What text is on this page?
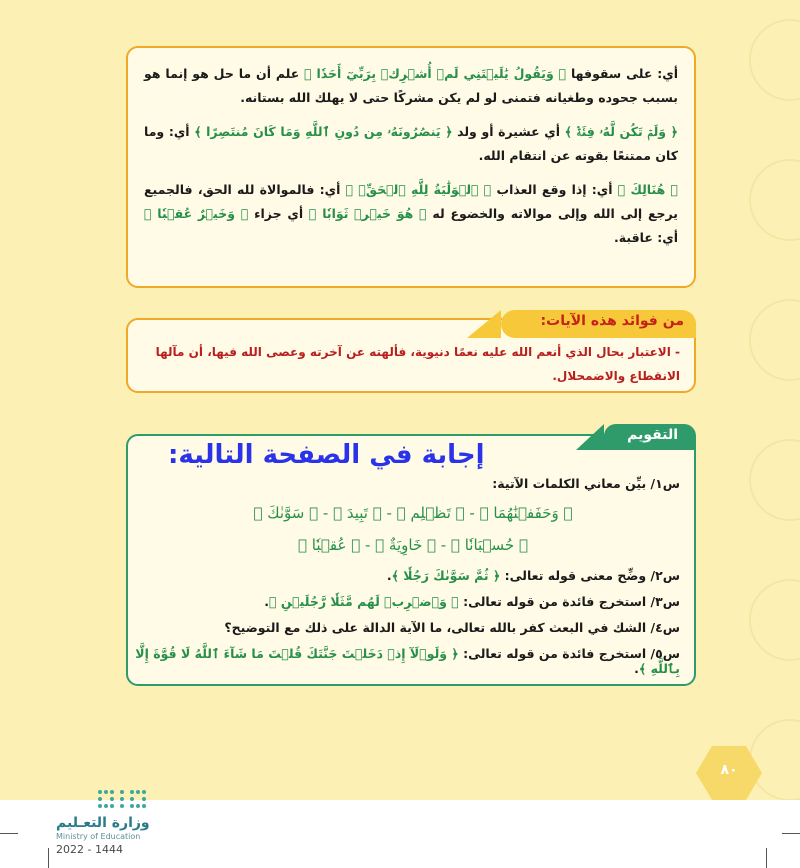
أي: على سقوفها ﴿ وَيَقُولُ يَٰلَيۡتَنِي لَمۡ أُشۡرِكۡ بِرَبِّيٓ أَحَدٗا ﴾ علم أن ما حل هو إنما هو بسبب جحوده وطغيانه فتمنى لو لم يكن مشركًا حتى لا يهلك الله بستانه.

﴿ وَلَمۡ تَكُن لَّهُۥ فِئَةٞ ﴾ أي عشيرة أو ولد ﴿ يَنصُرُونَهُۥ مِن دُونِ ٱللَّهِ وَمَا كَانَ مُنتَصِرًا ﴾ أي: وما كان ممتنعًا بقوته عن انتقام الله.

﴿ هُنَالِكَ ﴾ أي: إذا وقع العذاب ﴿ ٱلۡوَلَٰيَةُ لِلَّهِ ٱلۡحَقِّۚ ﴾ أي: فالموالاة لله الحق، فالجميع يرجع إلى الله وإلى موالاته والخضوع له ﴿ هُوَ خَيۡرٞ ثَوَابٗا ﴾ أي جزاء ﴿ وَخَيۡرٌ عُقۡبٗا ﴾ أي: عاقبة.

من فوائد هذه الآيات:

- الاعتبار بحال الذي أنعم الله عليه نعمًا دنيوية، فألهته عن آخرته وعصى الله فيها، أن مآلها الانقطاع والاضمحلال.

التقويم
إجابة في الصفحة التالية:
س١/ بيِّن معاني الكلمات الآتية:
﴿ وَحَفَفۡنَٰهُمَا ﴾ - ﴿ تَظۡلِم ﴾ - ﴿ تَبِيدَ ﴾ - ﴿ سَوَّىٰكَ ﴾
﴿ حُسۡبَانٗا ﴾ - ﴿ خَاوِيَةٌ ﴾ - ﴿ عُقۡبٗا ﴾
س٢/ وضِّح معنى قوله تعالى: ﴿ ثُمَّ سَوَّىٰكَ رَجُلٗا ﴾.
س٣/ استخرج فائدة من قوله تعالى: ﴿ وَٱضۡرِبۡ لَهُم مَّثَلٗا رَّجُلَيۡنِ ﴾.
س٤/ الشك في البعث كفر بالله تعالى، ما الآية الدالة على ذلك مع التوضيح؟
س٥/ استخرج فائدة من قوله تعالى: ﴿ وَلَوۡلَآ إِذۡ دَخَلۡتَ جَنَّتَكَ قُلۡتَ مَا شَآءَ ٱللَّهُ لَا قُوَّةَ إِلَّا بِٱللَّهِ ﴾.
وزارة التعـليم
Ministry of Education
2022 - 1444
٨٠
